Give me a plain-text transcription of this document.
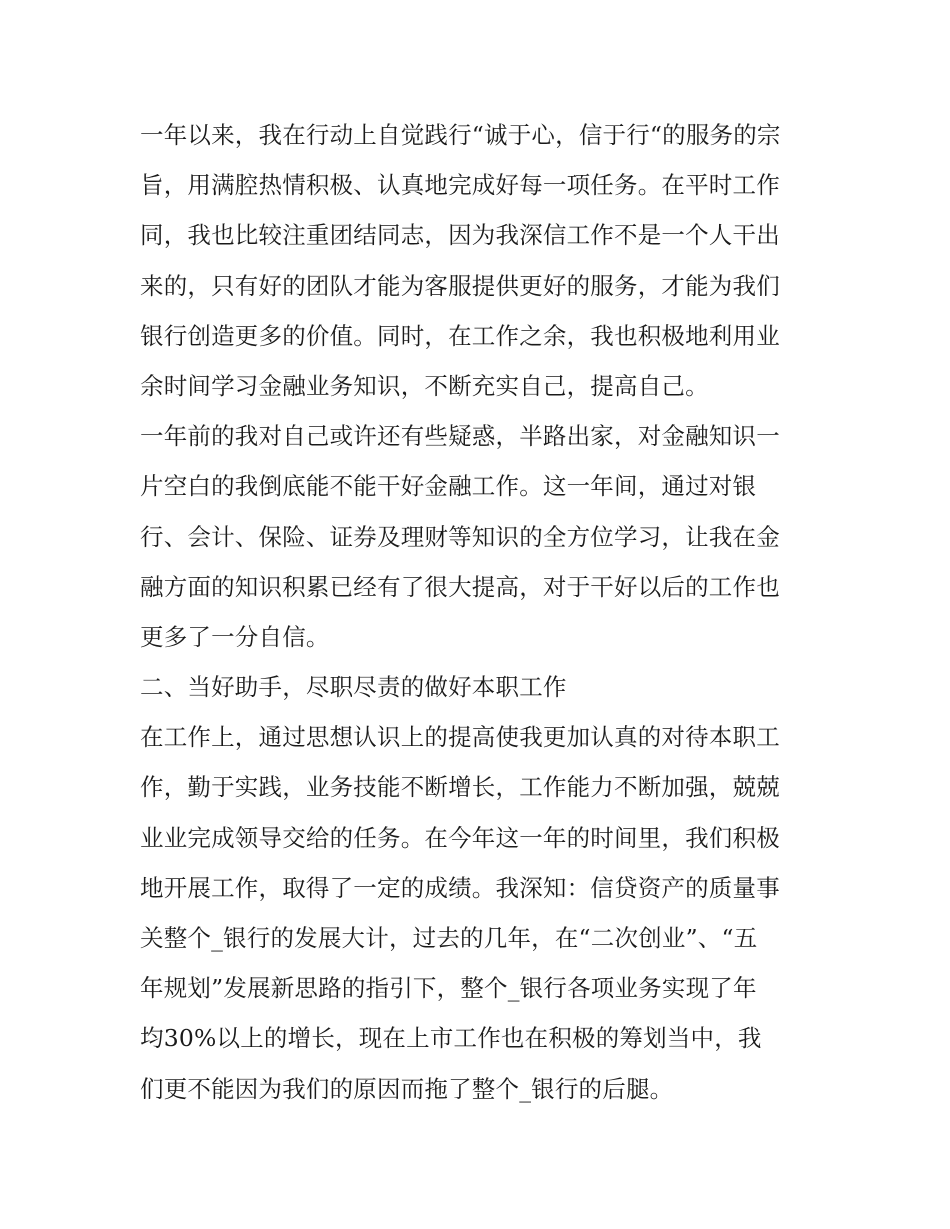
一年以来，我在行动上自觉践行“诚于心，信于行“的服务的宗
旨，用满腔热情积极、认真地完成好每一项任务。在平时工作
同，我也比较注重团结同志，因为我深信工作不是一个人干出
来的，只有好的团队才能为客服提供更好的服务，才能为我们
银行创造更多的价值。同时，在工作之余，我也积极地利用业
余时间学习金融业务知识，不断充实自己，提高自己。
一年前的我对自己或许还有些疑惑，半路出家，对金融知识一
片空白的我倒底能不能干好金融工作。这一年间，通过对银
行、会计、保险、证券及理财等知识的全方位学习，让我在金
融方面的知识积累已经有了很大提高，对于干好以后的工作也
更多了一分自信。
二、当好助手，尽职尽责的做好本职工作
在工作上，通过思想认识上的提高使我更加认真的对待本职工
作，勤于实践，业务技能不断增长，工作能力不断加强，兢兢
业业完成领导交给的任务。在今年这一年的时间里，我们积极
地开展工作，取得了一定的成绩。我深知：信贷资产的质量事
关整个_银行的发展大计，过去的几年，在“二次创业”、“五
年规划”发展新思路的指引下，整个_银行各项业务实现了年
均30%以上的增长，现在上市工作也在积极的筹划当中，我
们更不能因为我们的原因而拖了整个_银行的后腿。
